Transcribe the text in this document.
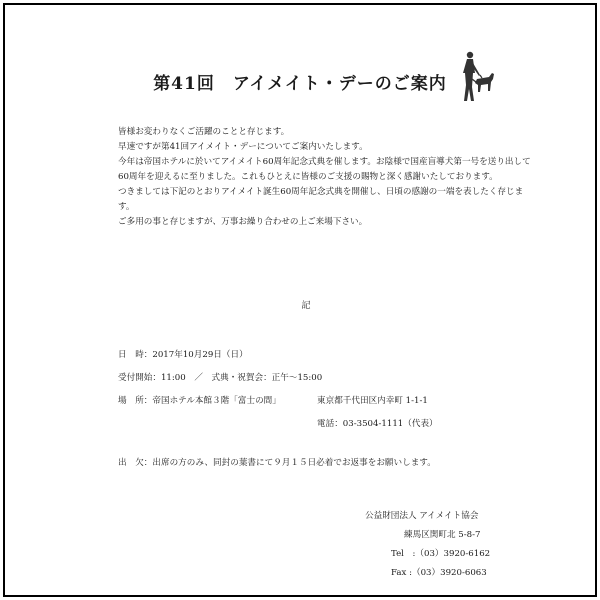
第41回　アイメイト・デーのご案内

皆様お変わりなくご活躍のことと存じます。

早速ですが第41回アイメイト・デーについてご案内いたします。

今年は帝国ホテルに於いてアイメイト60周年記念式典を催します。お陰様で国産盲導犬第一号を送り出して60周年を迎えるに至りました。これもひとえに皆様のご支援の賜物と深く感謝いたしております。

つきましては下記のとおりアイメイト誕生60周年記念式典を開催し、日頃の感謝の一端を表したく存じます。

ご多用の事と存じますが、万事お繰り合わせの上ご来場下さい。

記
日　時：2017年10月29日（日）
受付開始：11:00　／　式典・祝賀会：正午〜15:00
場　所：帝国ホテル本館３階「富士の間」	東京都千代田区内幸町 1-1-1
電話：03-3504-1111（代表）
出　欠：出席の方のみ、同封の葉書にて９月１５日必着でお返事をお願いします。
公益財団法人 アイメイト協会
練馬区関町北 5-8-7
Tel　:（03）3920-6162
Fax :（03）3920-6063
